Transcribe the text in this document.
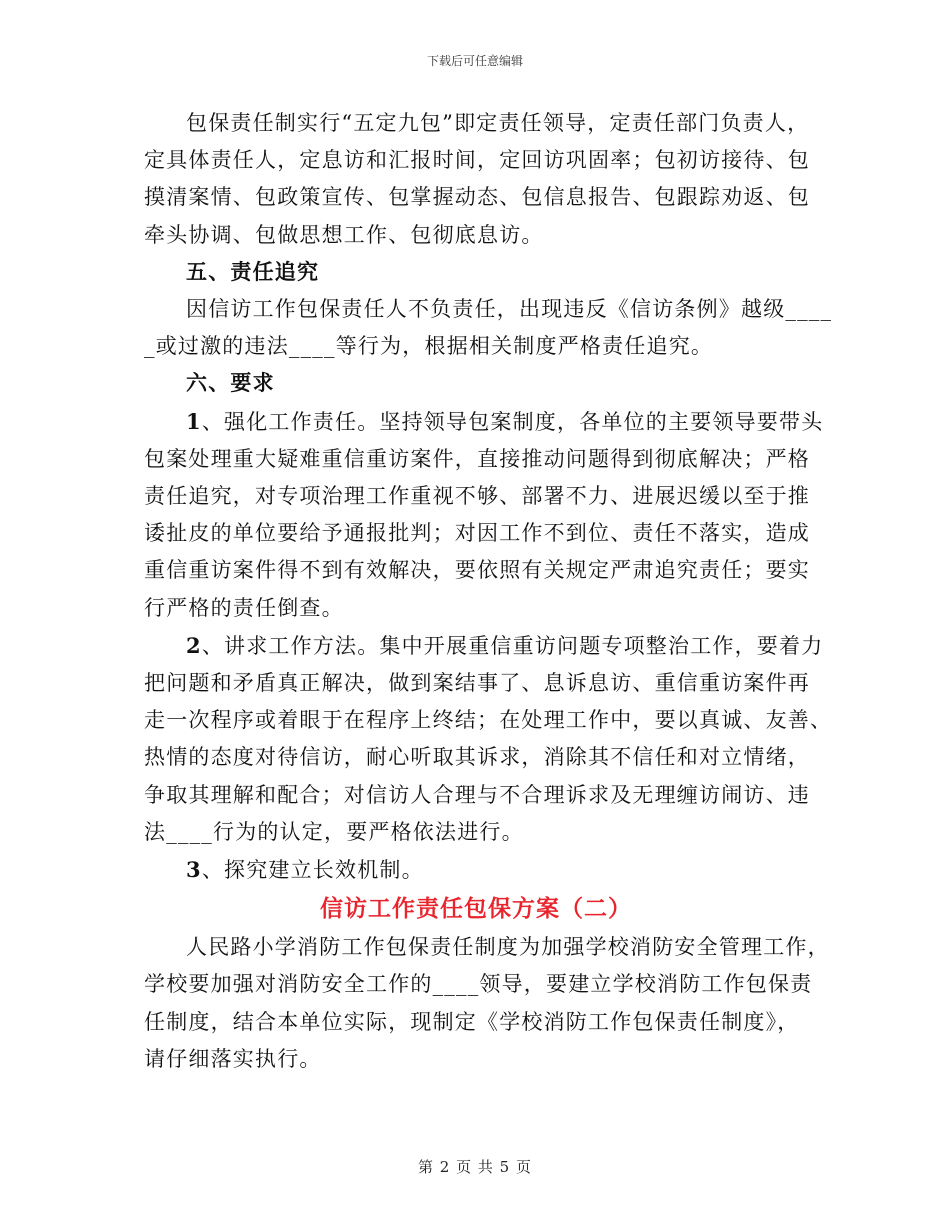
下载后可任意编辑

包保责任制实行“五定九包”即定责任领导，定责任部门负责人，

定具体责任人，定息访和汇报时间，定回访巩固率；包初访接待、包

摸清案情、包政策宣传、包掌握动态、包信息报告、包跟踪劝返、包

牵头协调、包做思想工作、包彻底息访。

五、责任追究

因信访工作包保责任人不负责任，出现违反《信访条例》越级____

_或过激的违法____等行为，根据相关制度严格责任追究。

六、要求

1、强化工作责任。坚持领导包案制度，各单位的主要领导要带头

包案处理重大疑难重信重访案件，直接推动问题得到彻底解决；严格

责任追究，对专项治理工作重视不够、部署不力、进展迟缓以至于推

诿扯皮的单位要给予通报批判；对因工作不到位、责任不落实，造成

重信重访案件得不到有效解决，要依照有关规定严肃追究责任；要实

行严格的责任倒查。

2、讲求工作方法。集中开展重信重访问题专项整治工作，要着力

把问题和矛盾真正解决，做到案结事了、息诉息访、重信重访案件再

走一次程序或着眼于在程序上终结；在处理工作中，要以真诚、友善、

热情的态度对待信访，耐心听取其诉求，消除其不信任和对立情绪，

争取其理解和配合；对信访人合理与不合理诉求及无理缠访闹访、违

法____行为的认定，要严格依法进行。

3、探究建立长效机制。

信访工作责任包保方案（二）

人民路小学消防工作包保责任制度为加强学校消防安全管理工作，

学校要加强对消防安全工作的____领导，要建立学校消防工作包保责

任制度，结合本单位实际，现制定《学校消防工作包保责任制度》，

请仔细落实执行。

第 2 页 共 5 页
